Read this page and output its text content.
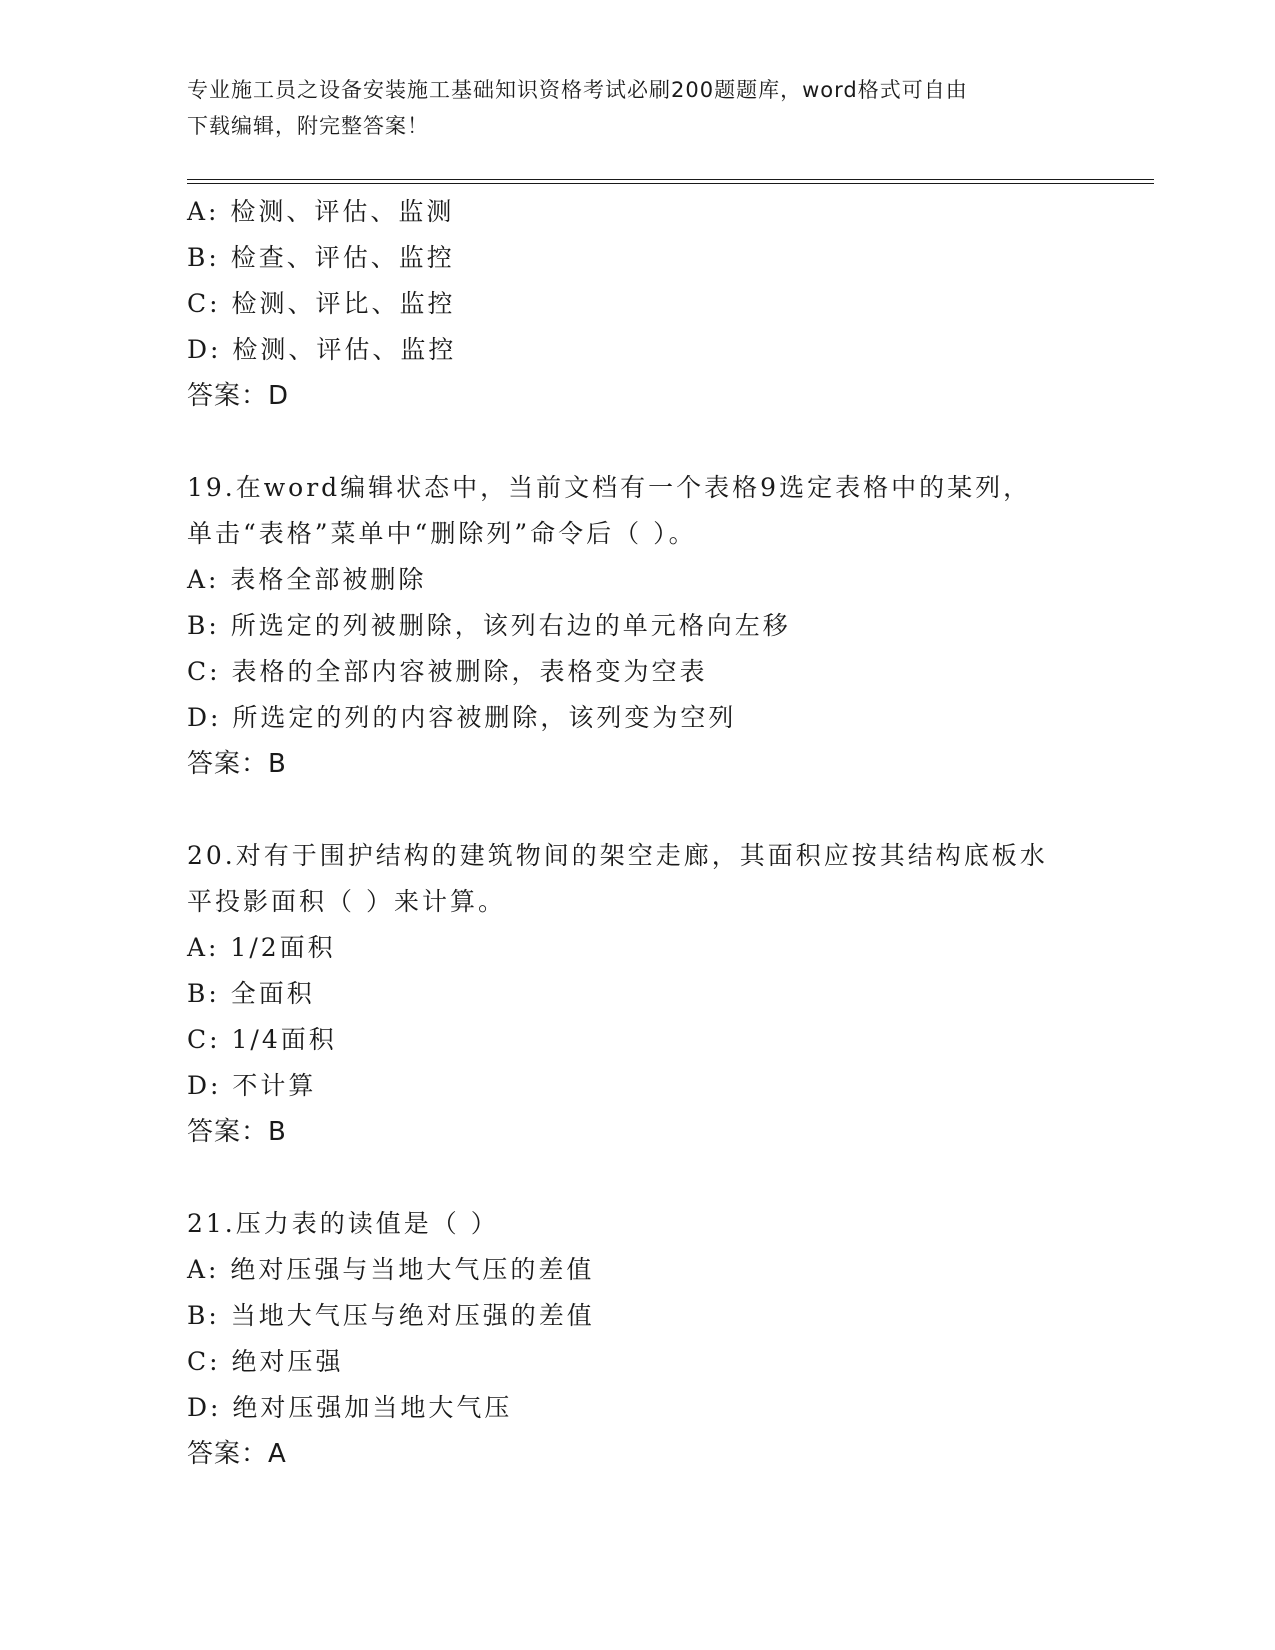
专业施工员之设备安装施工基础知识资格考试必刷200题题库，word格式可自由
下载编辑，附完整答案！
A: 检测、评估、监测
B: 检查、评估、监控
C: 检测、评比、监控
D: 检测、评估、监控
答案：D
19.在word编辑状态中，当前文档有一个表格9选定表格中的某列，
单击“表格”菜单中“删除列”命令后（ ）。
A: 表格全部被删除
B: 所选定的列被删除，该列右边的单元格向左移
C: 表格的全部内容被删除，表格变为空表
D: 所选定的列的内容被删除，该列变为空列
答案：B
20.对有于围护结构的建筑物间的架空走廊，其面积应按其结构底板水
平投影面积（ ）来计算。
A: 1/2面积
B: 全面积
C: 1/4面积
D: 不计算
答案：B
21.压力表的读值是（ ）
A: 绝对压强与当地大气压的差值
B: 当地大气压与绝对压强的差值
C: 绝对压强
D: 绝对压强加当地大气压
答案：A
